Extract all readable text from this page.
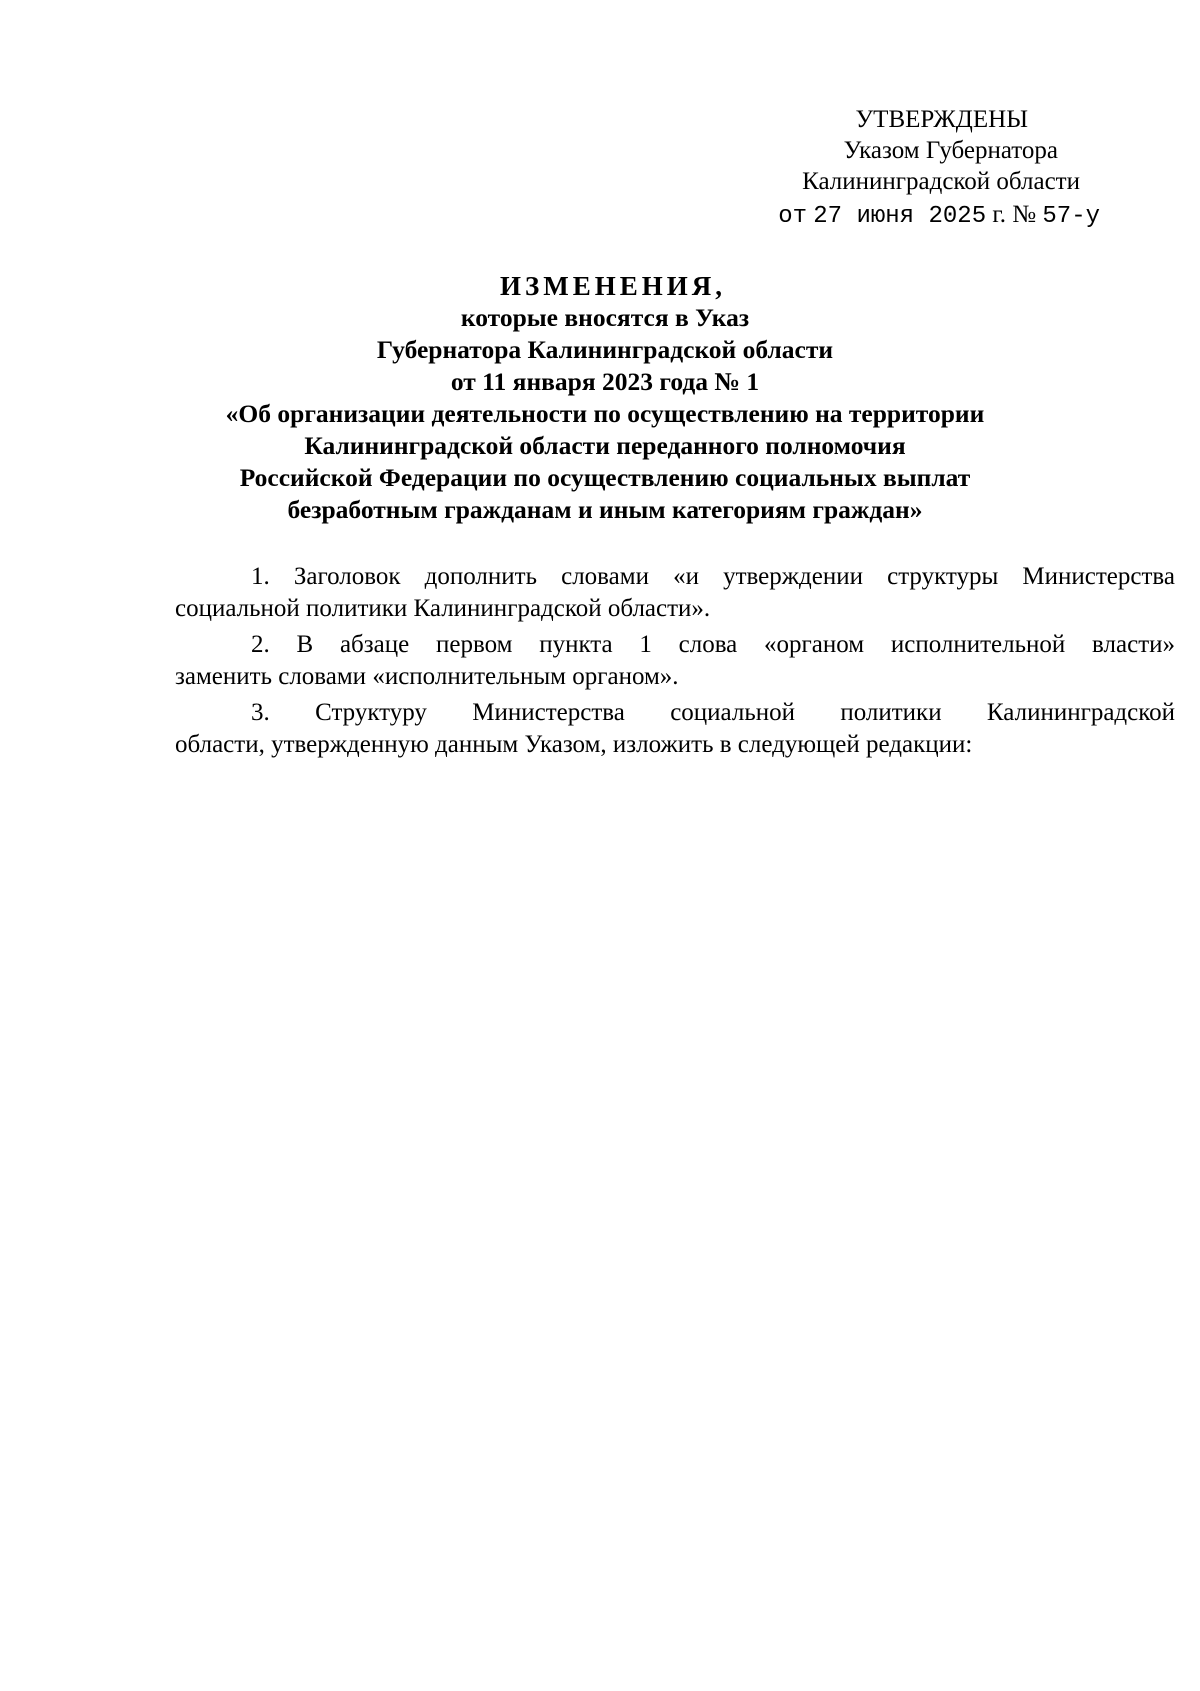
УТВЕРЖДЕНЫ
Указом Губернатора
Калининградской области
от 27 июня 2025 г. № 57-у
ИЗМЕНЕНИЯ,
которые вносятся в Указ
Губернатора Калининградской области
от 11 января 2023 года № 1
«Об организации деятельности по осуществлению на территории
Калининградской области переданного полномочия
Российской Федерации по осуществлению социальных выплат
безработным гражданам и иным категориям граждан»

1. Заголовок дополнить словами «и утверждении структуры Министерства
социальной политики Калининградской области».

2. В абзаце первом пункта 1 слова «органом исполнительной власти»
заменить словами «исполнительным органом».

3. Структуру Министерства социальной политики Калининградской
области, утвержденную данным Указом, изложить в следующей редакции:
